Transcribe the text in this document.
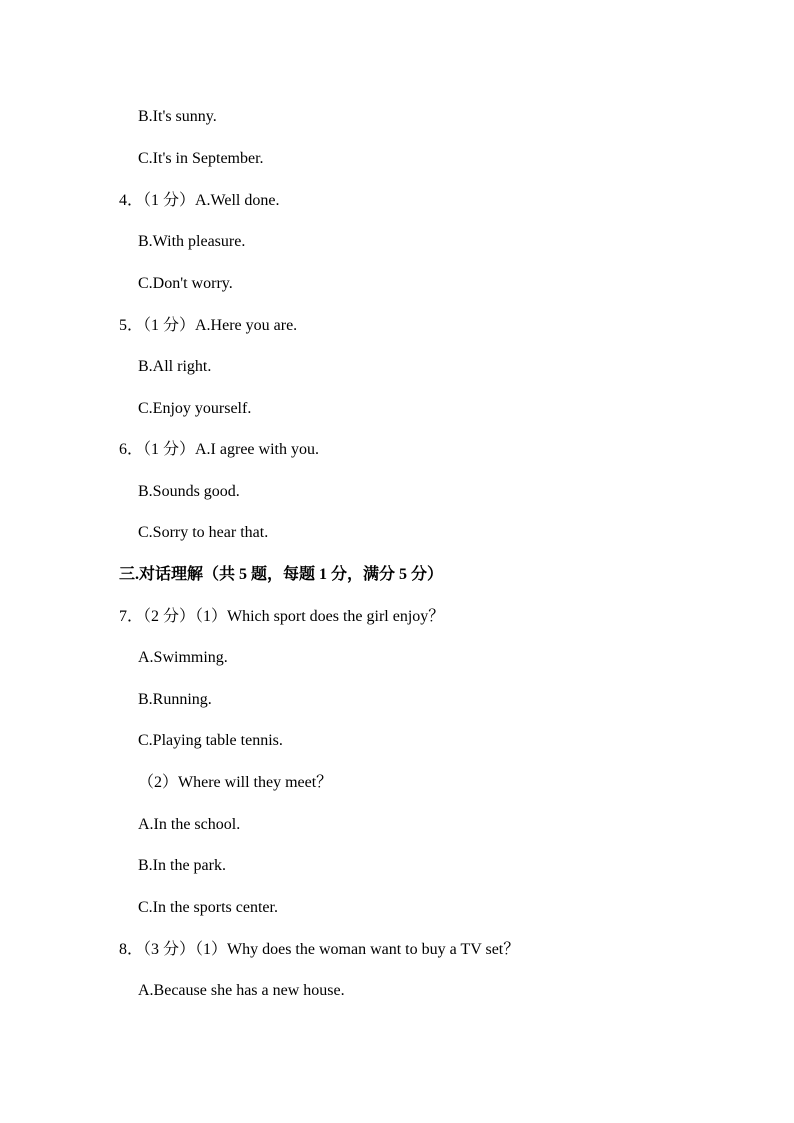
B.It's sunny.
C.It's in September.
4．（1 分）A.Well done.
B.With pleasure.
C.Don't worry.
5．（1 分）A.Here you are.
B.All right.
C.Enjoy yourself.
6．（1 分）A.I agree with you.
B.Sounds good.
C.Sorry to hear that.
三.对话理解（共 5 题，每题 1 分，满分 5 分）
7．（2 分）（1）Which sport does the girl enjoy？
A.Swimming.
B.Running.
C.Playing table tennis.
（2）Where will they meet？
A.In the school.
B.In the park.
C.In the sports center.
8．（3 分）（1）Why does the woman want to buy a TV set？
A.Because she has a new house.
